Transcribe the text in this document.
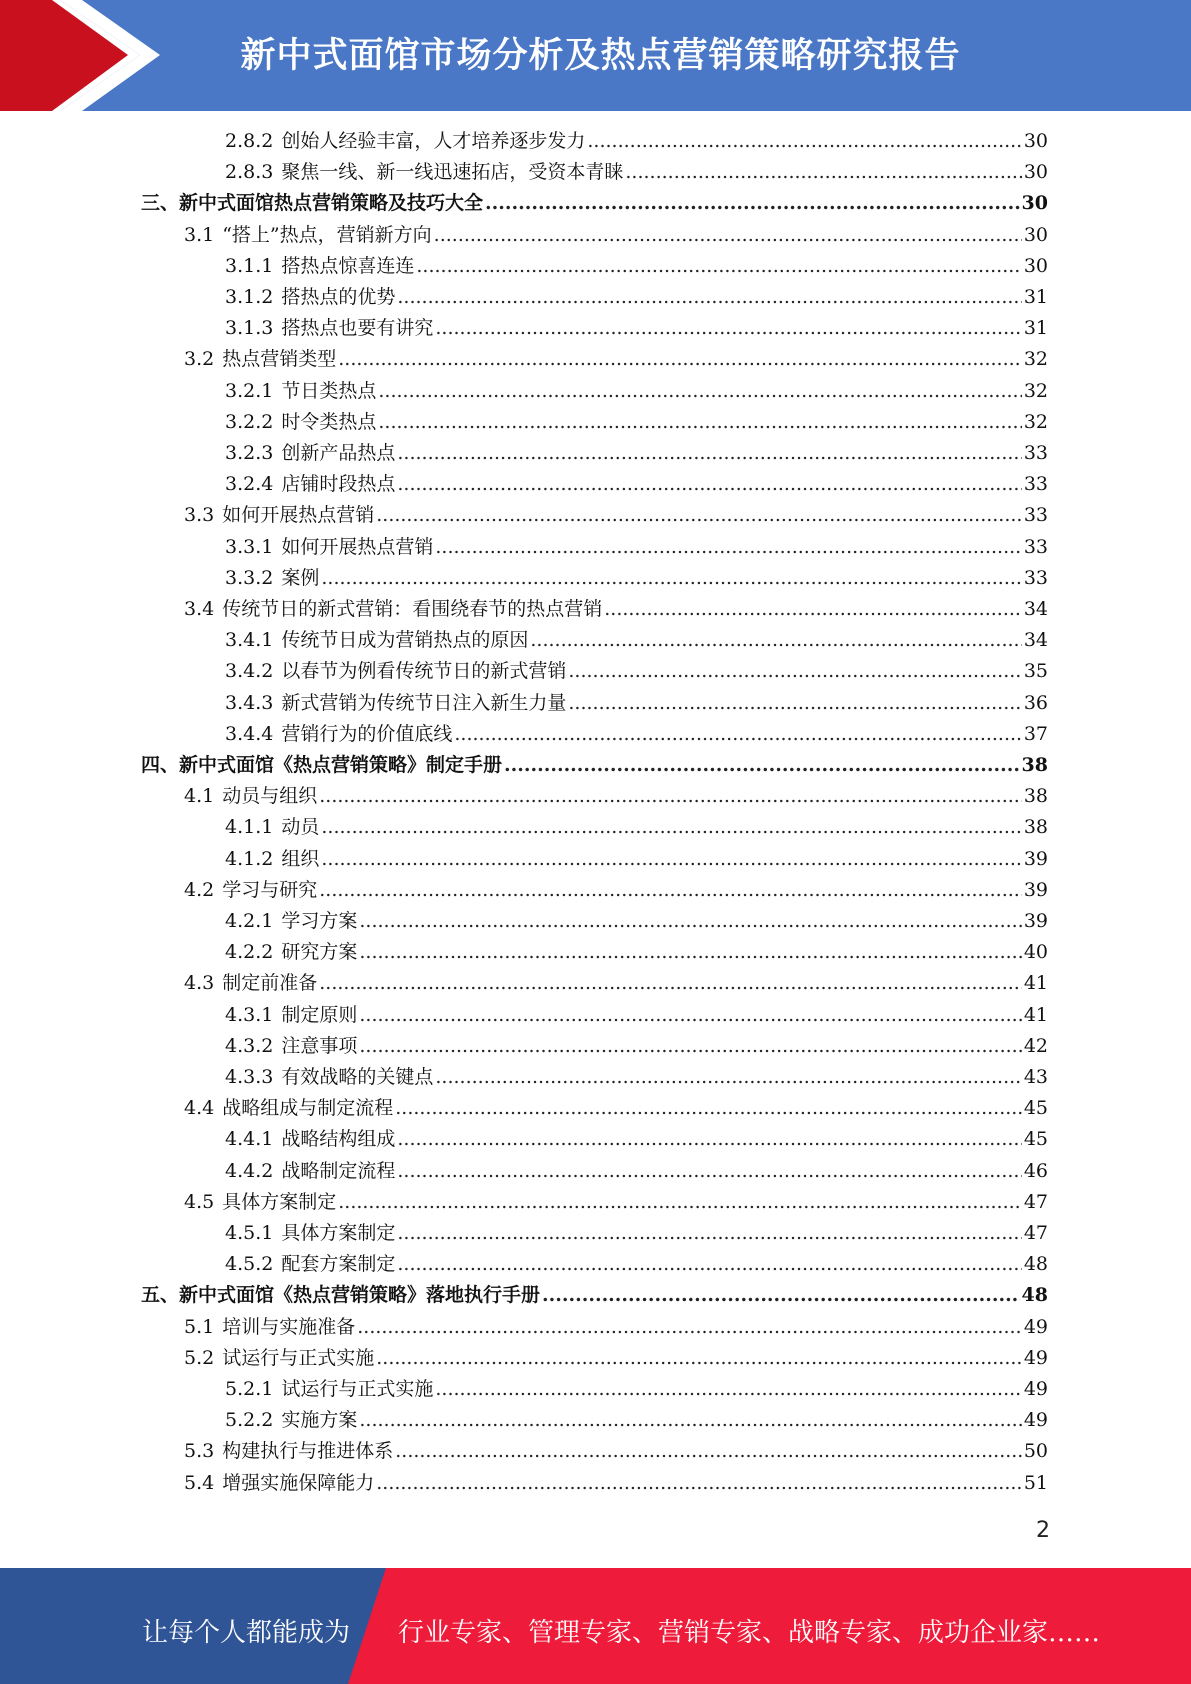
新中式面馆市场分析及热点营销策略研究报告
2.8.2 创始人经验丰富，人才培养逐步发力 .....	30
2.8.3 聚焦一线、新一线迅速拓店，受资本青睐 .....	30
三、 新中式面馆热点营销策略及技巧大全 .....	30
3.1 “搭上”热点，营销新方向 .....	30
3.1.1 搭热点惊喜连连 .....	30
3.1.2 搭热点的优势 .....	31
3.1.3 搭热点也要有讲究 .....	31
3.2 热点营销类型 .....	32
3.2.1 节日类热点 .....	32
3.2.2 时令类热点 .....	32
3.2.3 创新产品热点 .....	33
3.2.4 店铺时段热点 .....	33
3.3 如何开展热点营销 .....	33
3.3.1 如何开展热点营销 .....	33
3.3.2 案例 .....	33
3.4 传统节日的新式营销：看围绕春节的热点营销 .....	34
3.4.1 传统节日成为营销热点的原因 .....	34
3.4.2 以春节为例看传统节日的新式营销 .....	35
3.4.3 新式营销为传统节日注入新生力量 .....	36
3.4.4 营销行为的价值底线 .....	37
四、 新中式面馆《热点营销策略》制定手册 .....	38
4.1 动员与组织 .....	38
4.1.1 动员 .....	38
4.1.2 组织 .....	39
4.2 学习与研究 .....	39
4.2.1 学习方案 .....	39
4.2.2 研究方案 .....	40
4.3 制定前准备 .....	41
4.3.1 制定原则 .....	41
4.3.2 注意事项 .....	42
4.3.3 有效战略的关键点 .....	43
4.4 战略组成与制定流程 .....	45
4.4.1 战略结构组成 .....	45
4.4.2 战略制定流程 .....	46
4.5 具体方案制定 .....	47
4.5.1 具体方案制定 .....	47
4.5.2 配套方案制定 .....	48
五、 新中式面馆《热点营销策略》落地执行手册 .....	48
5.1 培训与实施准备 .....	49
5.2 试运行与正式实施 .....	49
5.2.1 试运行与正式实施 .....	49
5.2.2 实施方案 .....	49
5.3 构建执行与推进体系 .....	50
5.4 增强实施保障能力 .....	51
2
让每个人都能成为 行业专家、管理专家、营销专家、战略专家、成功企业家……
